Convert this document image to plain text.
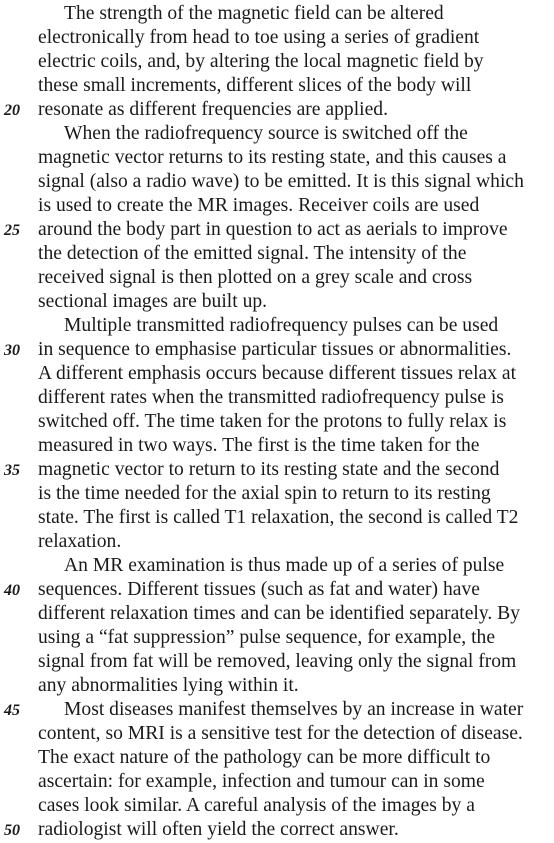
The strength of the magnetic field can be altered
electronically from head to toe using a series of gradient
electric coils, and, by altering the local magnetic field by
these small increments, different slices of the body will
20 resonate as different frequencies are applied.
When the radiofrequency source is switched off the
magnetic vector returns to its resting state, and this causes a
signal (also a radio wave) to be emitted. It is this signal which
is used to create the MR images. Receiver coils are used
25 around the body part in question to act as aerials to improve
the detection of the emitted signal. The intensity of the
received signal is then plotted on a grey scale and cross
sectional images are built up.
Multiple transmitted radiofrequency pulses can be used
30 in sequence to emphasise particular tissues or abnormalities.
A different emphasis occurs because different tissues relax at
different rates when the transmitted radiofrequency pulse is
switched off. The time taken for the protons to fully relax is
measured in two ways. The first is the time taken for the
35 magnetic vector to return to its resting state and the second
is the time needed for the axial spin to return to its resting
state. The first is called T1 relaxation, the second is called T2
relaxation.
An MR examination is thus made up of a series of pulse
40 sequences. Different tissues (such as fat and water) have
different relaxation times and can be identified separately. By
using a “fat suppression” pulse sequence, for example, the
signal from fat will be removed, leaving only the signal from
any abnormalities lying within it.
45	Most diseases manifest themselves by an increase in water
content, so MRI is a sensitive test for the detection of disease.
The exact nature of the pathology can be more difficult to
ascertain: for example, infection and tumour can in some
cases look similar. A careful analysis of the images by a
50 radiologist will often yield the correct answer.
